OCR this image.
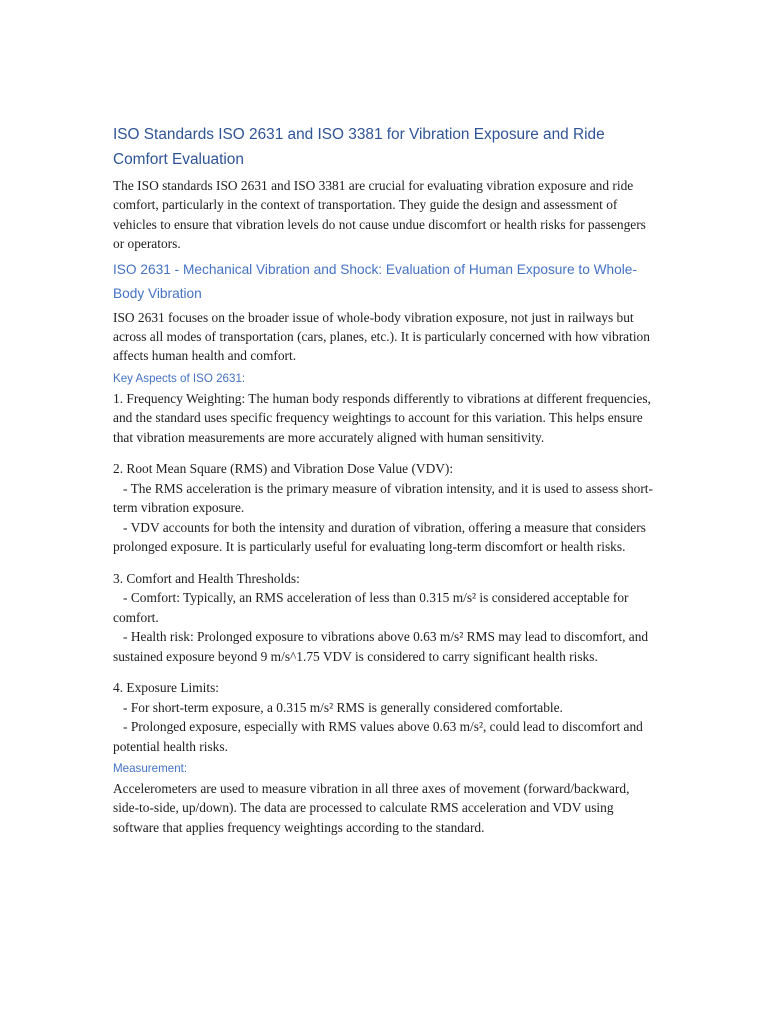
ISO Standards ISO 2631 and ISO 3381 for Vibration Exposure and Ride Comfort Evaluation

The ISO standards ISO 2631 and ISO 3381 are crucial for evaluating vibration exposure and ride comfort, particularly in the context of transportation. They guide the design and assessment of vehicles to ensure that vibration levels do not cause undue discomfort or health risks for passengers or operators.

ISO 2631 - Mechanical Vibration and Shock: Evaluation of Human Exposure to Whole-Body Vibration

ISO 2631 focuses on the broader issue of whole-body vibration exposure, not just in railways but across all modes of transportation (cars, planes, etc.). It is particularly concerned with how vibration affects human health and comfort.

Key Aspects of ISO 2631:

1. Frequency Weighting: The human body responds differently to vibrations at different frequencies, and the standard uses specific frequency weightings to account for this variation. This helps ensure that vibration measurements are more accurately aligned with human sensitivity.

2. Root Mean Square (RMS) and Vibration Dose Value (VDV):

- The RMS acceleration is the primary measure of vibration intensity, and it is used to assess short-term vibration exposure.

- VDV accounts for both the intensity and duration of vibration, offering a measure that considers prolonged exposure. It is particularly useful for evaluating long-term discomfort or health risks.

3. Comfort and Health Thresholds:

- Comfort: Typically, an RMS acceleration of less than 0.315 m/s² is considered acceptable for comfort.

- Health risk: Prolonged exposure to vibrations above 0.63 m/s² RMS may lead to discomfort, and sustained exposure beyond 9 m/s^1.75 VDV is considered to carry significant health risks.

4. Exposure Limits:

- For short-term exposure, a 0.315 m/s² RMS is generally considered comfortable.

- Prolonged exposure, especially with RMS values above 0.63 m/s², could lead to discomfort and potential health risks.

Measurement:

Accelerometers are used to measure vibration in all three axes of movement (forward/backward, side-to-side, up/down). The data are processed to calculate RMS acceleration and VDV using software that applies frequency weightings according to the standard.
